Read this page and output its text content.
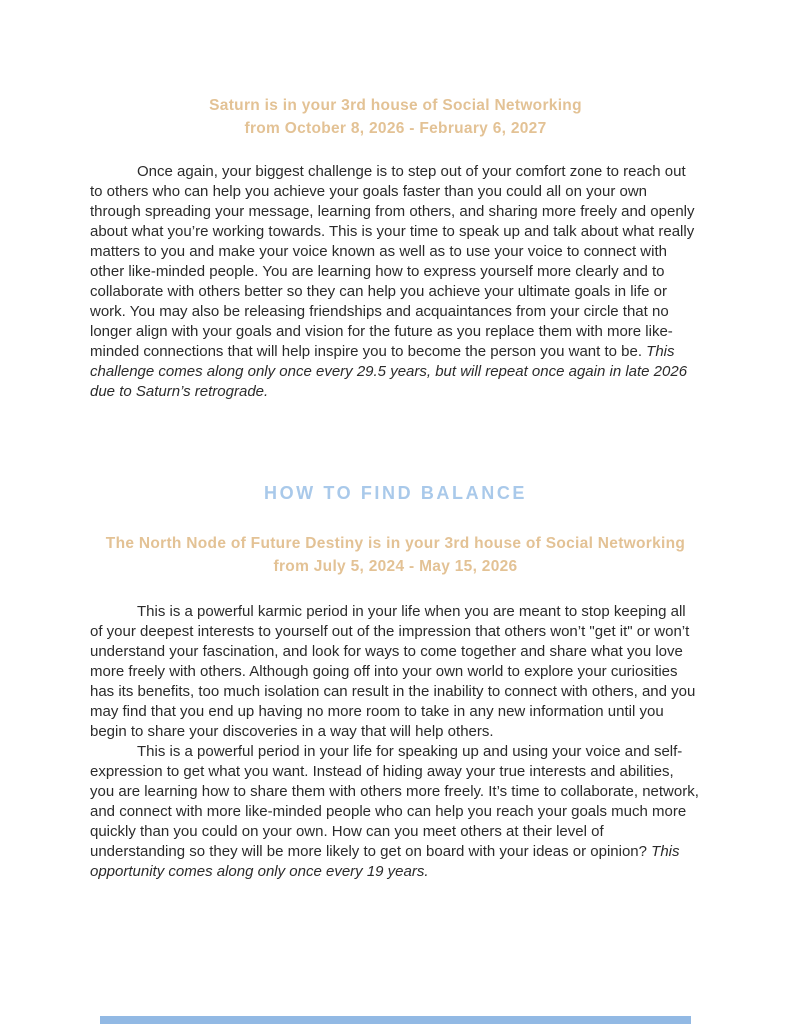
Saturn is in your 3rd house of Social Networking
from October 8, 2026 - February 6, 2027

Once again, your biggest challenge is to step out of your comfort zone to reach out to others who can help you achieve your goals faster than you could all on your own through spreading your message, learning from others, and sharing more freely and openly about what you’re working towards. This is your time to speak up and talk about what really matters to you and make your voice known as well as to use your voice to connect with other like-minded people. You are learning how to express yourself more clearly and to collaborate with others better so they can help you achieve your ultimate goals in life or work. You may also be releasing friendships and acquaintances from your circle that no longer align with your goals and vision for the future as you replace them with more like-minded connections that will help inspire you to become the person you want to be. This challenge comes along only once every 29.5 years, but will repeat once again in late 2026 due to Saturn’s retrograde.

HOW TO FIND BALANCE
The North Node of Future Destiny is in your 3rd house of Social Networking
from July 5, 2024 - May 15, 2026

This is a powerful karmic period in your life when you are meant to stop keeping all of your deepest interests to yourself out of the impression that others won’t "get it" or won’t understand your fascination, and look for ways to come together and share what you love more freely with others. Although going off into your own world to explore your curiosities has its benefits, too much isolation can result in the inability to connect with others, and you may find that you end up having no more room to take in any new information until you begin to share your discoveries in a way that will help others.

This is a powerful period in your life for speaking up and using your voice and self-expression to get what you want. Instead of hiding away your true interests and abilities, you are learning how to share them with others more freely. It’s time to collaborate, network, and connect with more like-minded people who can help you reach your goals much more quickly than you could on your own. How can you meet others at their level of understanding so they will be more likely to get on board with your ideas or opinion? This opportunity comes along only once every 19 years.
